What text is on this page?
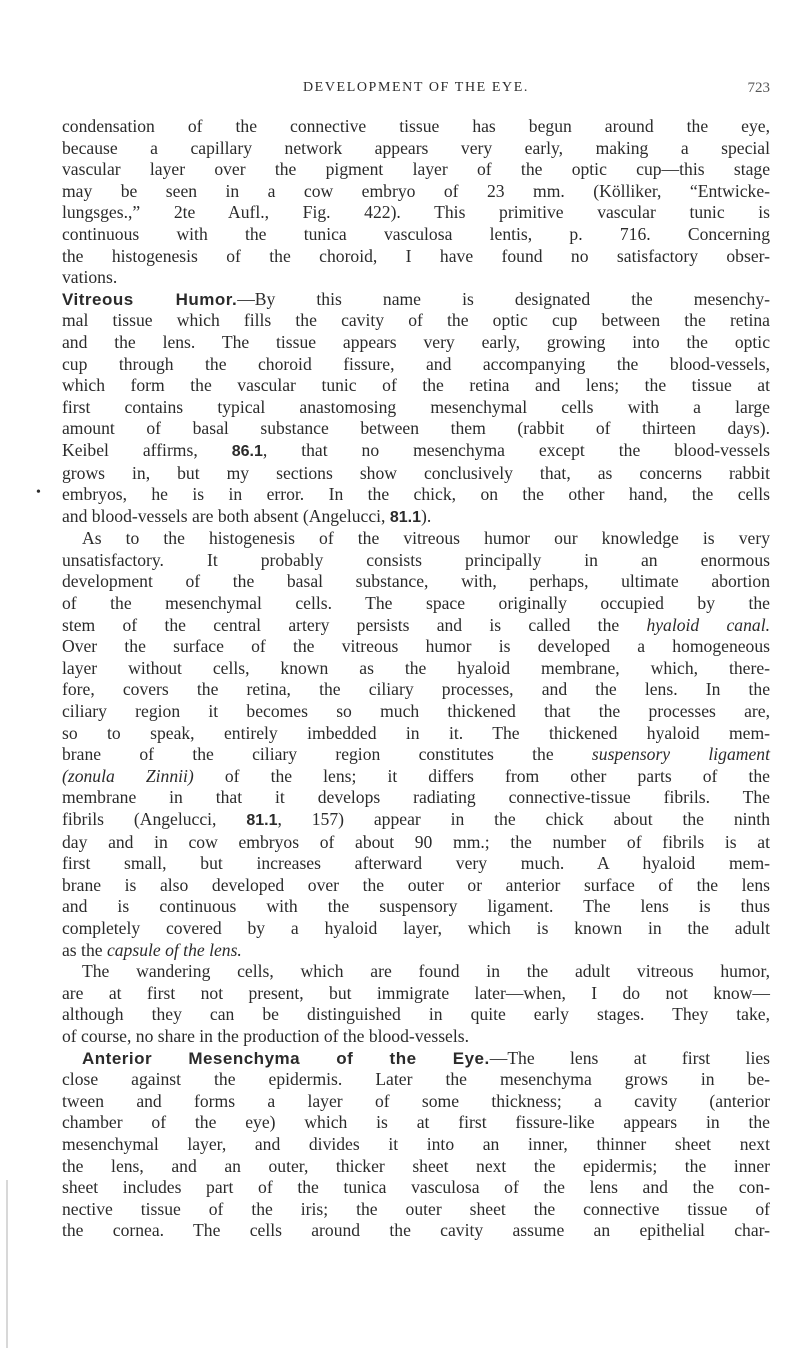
DEVELOPMENT OF THE EYE.	723

condensation of the connective tissue has begun around the eye,

because a capillary network appears very early, making a special

vascular layer over the pigment layer of the optic cup—this stage

may be seen in a cow embryo of 23 mm. (Kölliker, “Entwicke-

lungsges.,” 2te Aufl., Fig. 422). This primitive vascular tunic is

continuous with the tunica vasculosa lentis, p. 716. Concerning

the histogenesis of the choroid, I have found no satisfactory obser-

vations.

Vitreous Humor.—By this name is designated the mesenchy-

mal tissue which fills the cavity of the optic cup between the retina

and the lens. The tissue appears very early, growing into the optic

cup through the choroid fissure, and accompanying the blood-vessels,

which form the vascular tunic of the retina and lens; the tissue at

first contains typical anastomosing mesenchymal cells with a large

amount of basal substance between them (rabbit of thirteen days).

Keibel affirms, 86.1, that no mesenchyma except the blood-vessels

grows in, but my sections show conclusively that, as concerns rabbit

embryos, he is in error. In the chick, on the other hand, the cells

and blood-vessels are both absent (Angelucci, 81.1).

As to the histogenesis of the vitreous humor our knowledge is very

unsatisfactory. It probably consists principally in an enormous

development of the basal substance, with, perhaps, ultimate abortion

of the mesenchymal cells. The space originally occupied by the

stem of the central artery persists and is called the hyaloid canal.

Over the surface of the vitreous humor is developed a homogeneous

layer without cells, known as the hyaloid membrane, which, there-

fore, covers the retina, the ciliary processes, and the lens. In the

ciliary region it becomes so much thickened that the processes are,

so to speak, entirely imbedded in it. The thickened hyaloid mem-

brane of the ciliary region constitutes the suspensory ligament

(zonula Zinnii) of the lens; it differs from other parts of the

membrane in that it develops radiating connective-tissue fibrils. The

fibrils (Angelucci, 81.1, 157) appear in the chick about the ninth

day and in cow embryos of about 90 mm.; the number of fibrils is at

first small, but increases afterward very much. A hyaloid mem-

brane is also developed over the outer or anterior surface of the lens

and is continuous with the suspensory ligament. The lens is thus

completely covered by a hyaloid layer, which is known in the adult

as the capsule of the lens.

The wandering cells, which are found in the adult vitreous humor,

are at first not present, but immigrate later—when, I do not know—

although they can be distinguished in quite early stages. They take,

of course, no share in the production of the blood-vessels.

Anterior Mesenchyma of the Eye.—The lens at first lies

close against the epidermis. Later the mesenchyma grows in be-

tween and forms a layer of some thickness; a cavity (anterior

chamber of the eye) which is at first fissure-like appears in the

mesenchymal layer, and divides it into an inner, thinner sheet next

the lens, and an outer, thicker sheet next the epidermis; the inner

sheet includes part of the tunica vasculosa of the lens and the con-

nective tissue of the iris; the outer sheet the connective tissue of

the cornea. The cells around the cavity assume an epithelial char-

•
